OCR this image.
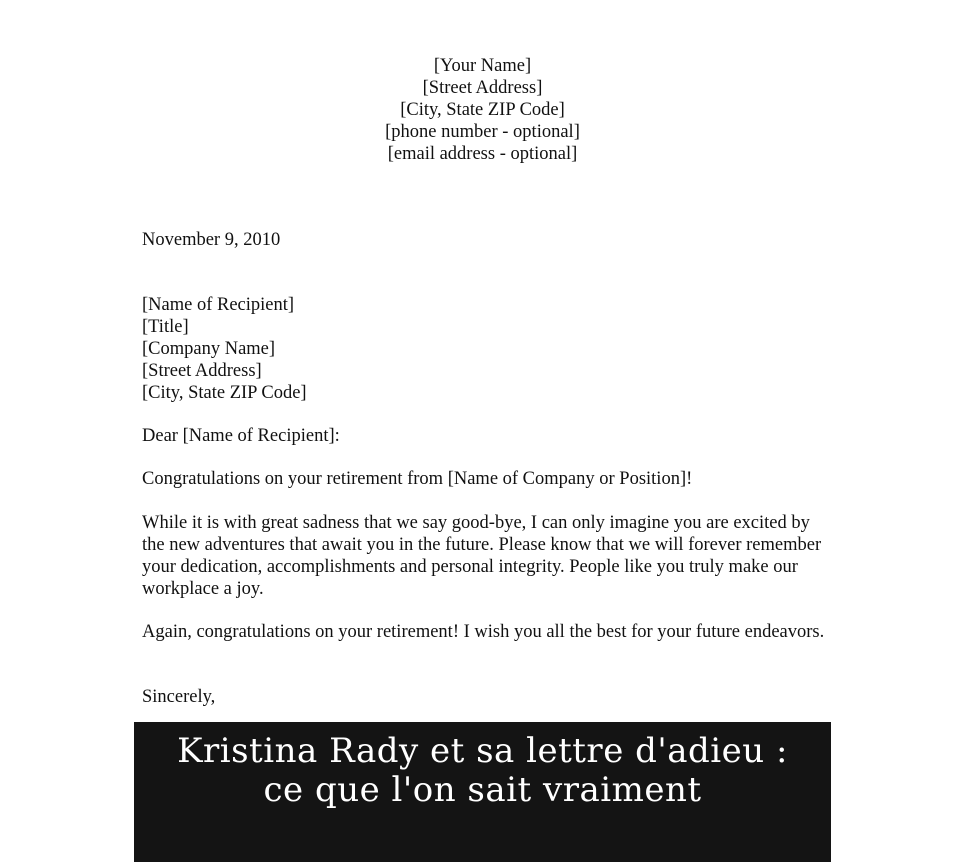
[Your Name]
[Street Address]
[City, State ZIP Code]
[phone number - optional]
[email address - optional]
November 9, 2010
[Name of Recipient]
[Title]
[Company Name]
[Street Address]
[City, State ZIP Code]
Dear [Name of Recipient]:
Congratulations on your retirement from [Name of Company or Position]!
While it is with great sadness that we say good-bye, I can only imagine you are excited by the new adventures that await you in the future. Please know that we will forever remember your dedication, accomplishments and personal integrity. People like you truly make our workplace a joy.
Again, congratulations on your retirement! I wish you all the best for your future endeavors.
Sincerely,
Kristina Rady et sa lettre d'adieu : ce que l'on sait vraiment
